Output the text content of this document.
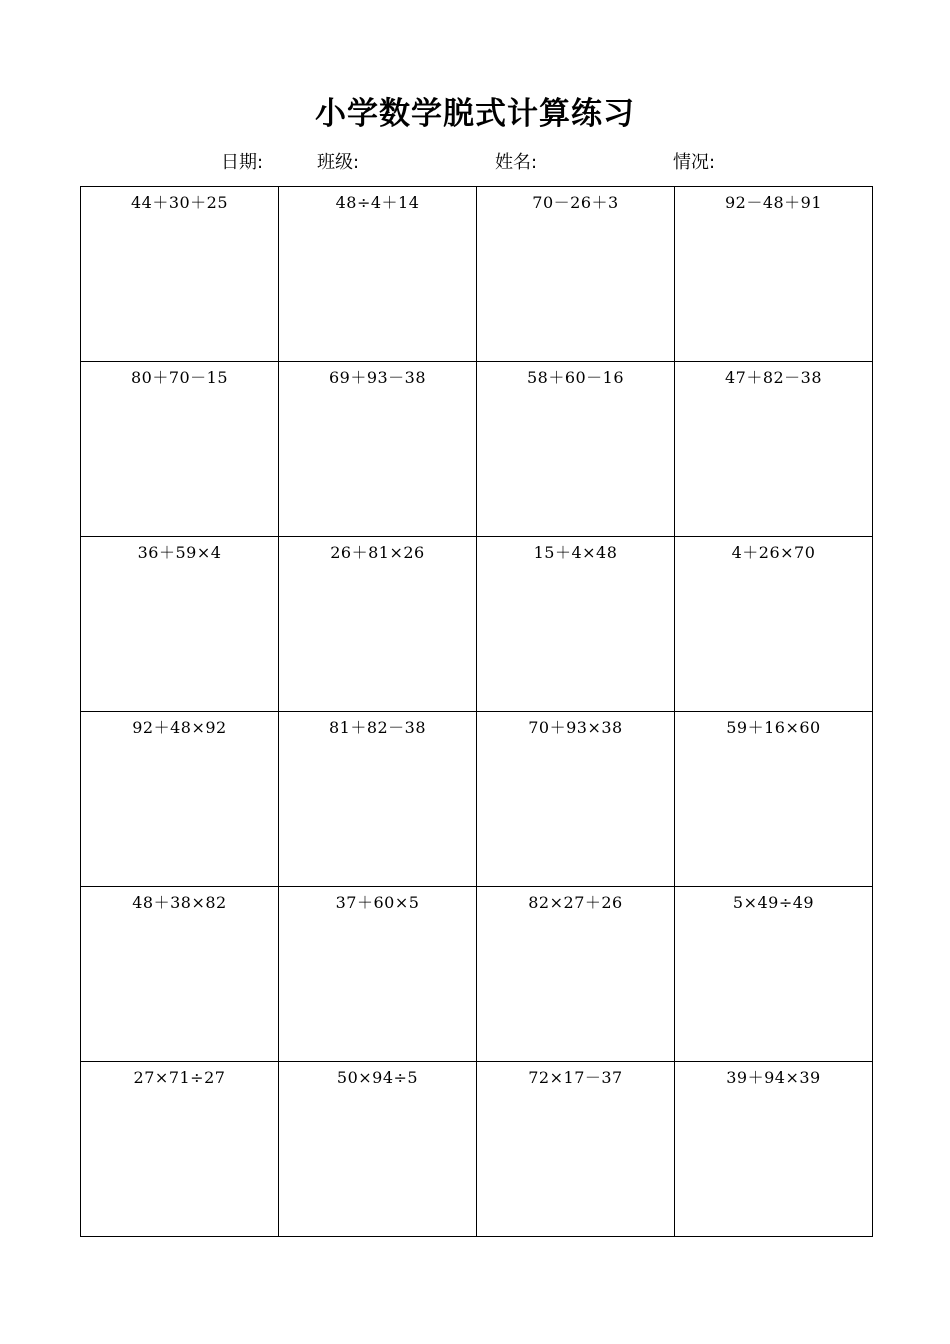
小学数学脱式计算练习
日期:	班级:	姓名:	情况:
44＋30＋25	48÷4＋14	70－26＋3	92－48＋91

80＋70－15	69＋93－38	58＋60－16	47＋82－38

36＋59×4	26＋81×26	15＋4×48	4＋26×70

92＋48×92	81＋82－38	70＋93×38	59＋16×60

48＋38×82	37＋60×5	82×27＋26	5×49÷49

27×71÷27	50×94÷5	72×17－37	39＋94×39
